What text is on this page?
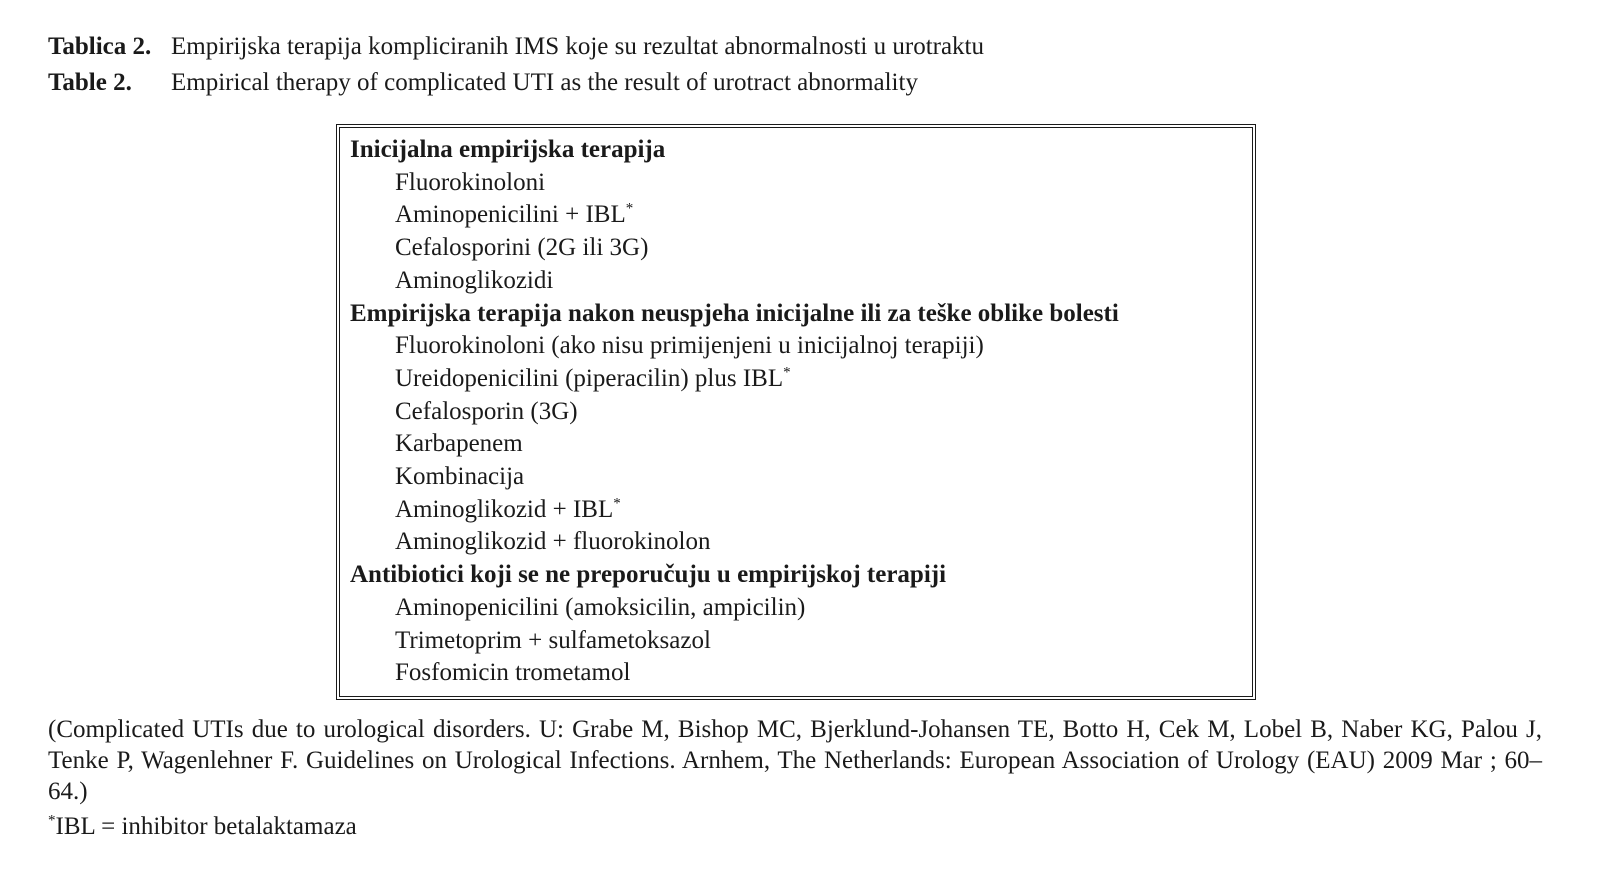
Tablica 2. Empirijska terapija kompliciranih IMS koje su rezultat abnormalnosti u urotraktu
Table 2. Empirical therapy of complicated UTI as the result of urotract abnormality
Inicijalna empirijska terapija
Fluorokinoloni
Aminopenicilini + IBL*
Cefalosporini (2G ili 3G)
Aminoglikozidi
Empirijska terapija nakon neuspjeha inicijalne ili za teške oblike bolesti
Fluorokinoloni (ako nisu primijenjeni u inicijalnoj terapiji)
Ureidopenicilini (piperacilin) plus IBL*
Cefalosporin (3G)
Karbapenem
Kombinacija
Aminoglikozid + IBL*
Aminoglikozid + fluorokinolon
Antibiotici koji se ne preporučuju u empirijskoj terapiji
Aminopenicilini (amoksicilin, ampicilin)
Trimetoprim + sulfametoksazol
Fosfomicin trometamol
(Complicated UTIs due to urological disorders. U: Grabe M, Bishop MC, Bjerklund-Johansen TE, Botto H, Cek M, Lobel B, Naber KG, Palou J, Tenke P, Wagenlehner F. Guidelines on Urological Infections. Arnhem, The Netherlands: European Association of Urology (EAU) 2009 Mar ; 60–64.)
*IBL = inhibitor betalaktamaza
